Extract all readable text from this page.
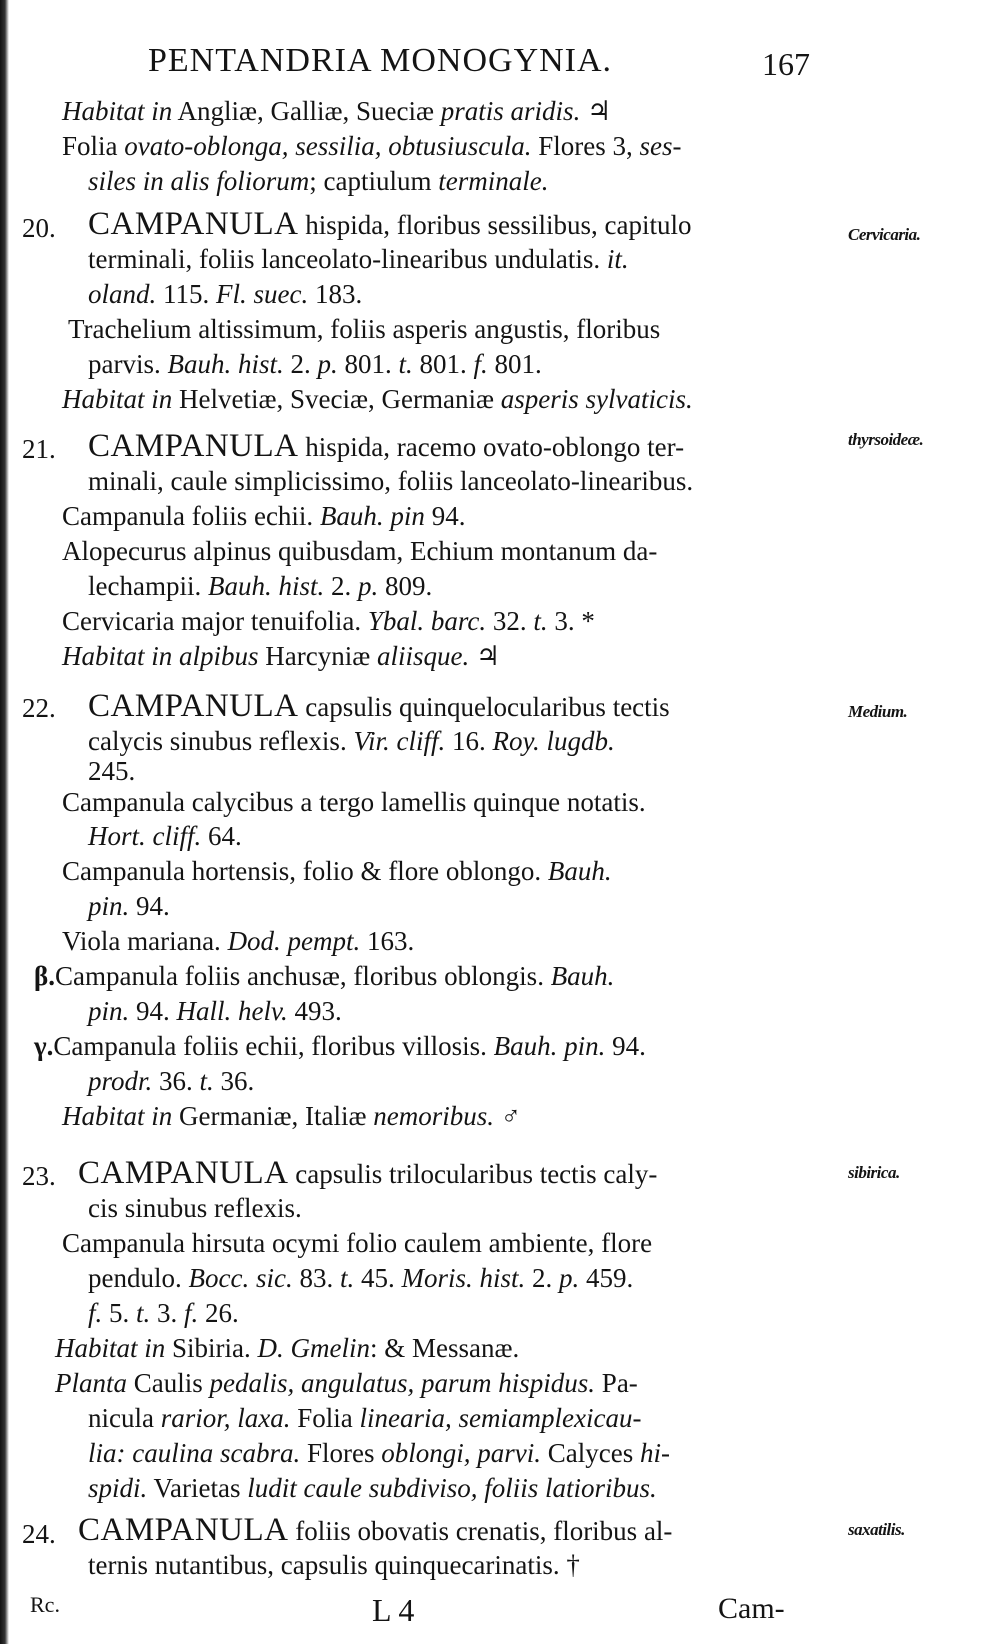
PENTANDRIA MONOGYNIA.	167
Habitat in Angliæ, Galliæ, Sueciæ pratis aridis. ♃
Folia ovato-oblonga, sessilia, obtusiuscula. Flores 3, ses-
siles in alis foliorum; captiulum terminale.
20.	Cervicaria.
CAMPANULA hispida, floribus sessilibus, capitulo
terminali, foliis lanceolato-linearibus undulatis. it.
oland. 115. Fl. suec. 183.
Trachelium altissimum, foliis asperis angustis, floribus
parvis. Bauh. hist. 2. p. 801. t. 801. f. 801.
Habitat in Helvetiæ, Sveciæ, Germaniæ asperis sylvaticis.
21.	thyrsoideæ.
CAMPANULA hispida, racemo ovato-oblongo ter-
minali, caule simplicissimo, foliis lanceolato-linearibus.
Campanula foliis echii. Bauh. pin 94.
Alopecurus alpinus quibusdam, Echium montanum da-
lechampii. Bauh. hist. 2. p. 809.
Cervicaria major tenuifolia. Ybal. barc. 32. t. 3. *
Habitat in alpibus Harcyniæ aliisque. ♃
22.	Medium.
CAMPANULA capsulis quinquelocularibus tectis
calycis sinubus reflexis. Vir. cliff. 16. Roy. lugdb.
245.
Campanula calycibus a tergo lamellis quinque notatis.
Hort. cliff. 64.
Campanula hortensis, folio & flore oblongo. Bauh.
pin. 94.
Viola mariana. Dod. pempt. 163.
β.Campanula foliis anchusæ, floribus oblongis. Bauh.
pin. 94. Hall. helv. 493.
γ.Campanula foliis echii, floribus villosis. Bauh. pin. 94.
prodr. 36. t. 36.
Habitat in Germaniæ, Italiæ nemoribus. ♂
23.	sibirica.
CAMPANULA capsulis trilocularibus tectis caly-
cis sinubus reflexis.
Campanula hirsuta ocymi folio caulem ambiente, flore
pendulo. Bocc. sic. 83. t. 45. Moris. hist. 2. p. 459.
f. 5. t. 3. f. 26.
Habitat in Sibiria. D. Gmelin: & Messanæ.
Planta Caulis pedalis, angulatus, parum hispidus. Pa-
nicula rarior, laxa. Folia linearia, semiamplexicau-
lia: caulina scabra. Flores oblongi, parvi. Calyces hi-
spidi. Varietas ludit caule subdiviso, foliis latioribus.
24.	saxatilis.
CAMPANULA foliis obovatis crenatis, floribus al-
ternis nutantibus, capsulis quinquecarinatis. †
Rc.	L 4	Cam-
